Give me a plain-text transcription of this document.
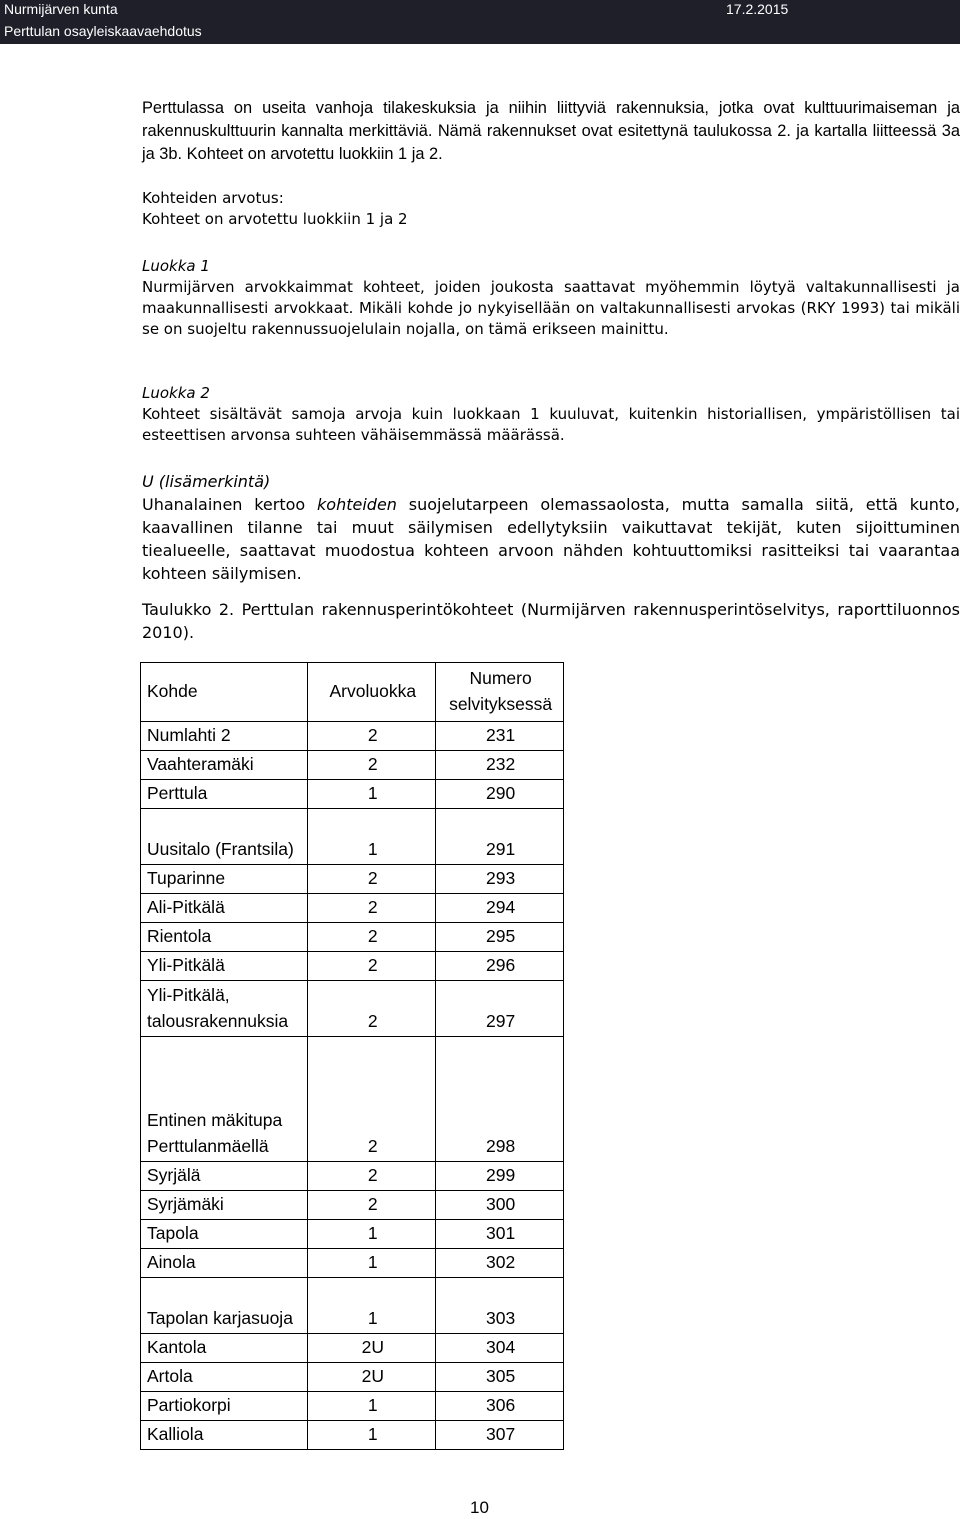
Nurmijärven kunta
Perttulan osayleiskaavaehdotus
17.2.2015
Perttulassa on useita vanhoja tilakeskuksia ja niihin liittyviä rakennuksia, jotka ovat kulttuurimaiseman ja rakennuskulttuurin kannalta merkittäviä. Nämä rakennukset ovat esitettynä taulukossa 2. ja kartalla liitteessä 3a ja 3b. Kohteet on arvotettu luokkiin 1 ja 2.
Kohteiden arvotus:
Kohteet on arvotettu luokkiin 1 ja 2
Luokka 1
Nurmijärven arvokkaimmat kohteet, joiden joukosta saattavat myöhemmin löytyä valtakunnallisesti ja maakunnallisesti arvokkaat. Mikäli kohde jo nykyisellään on valtakunnallisesti arvokas (RKY 1993) tai mikäli se on suojeltu rakennussuojelulain nojalla, on tämä erikseen mainittu.
Luokka 2
Kohteet sisältävät samoja arvoja kuin luokkaan 1 kuuluvat, kuitenkin historiallisen, ympäristöllisen tai esteettisen arvonsa suhteen vähäisemmässä määrässä.
U (lisämerkintä)
Uhanalainen kertoo kohteiden suojelutarpeen olemassaolosta, mutta samalla siitä, että kunto, kaavallinen tilanne tai muut säilymisen edellytyksiin vaikuttavat tekijät, kuten sijoittuminen tiealueelle, saattavat muodostua kohteen arvoon nähden kohtuuttomiksi rasitteiksi tai vaarantaa kohteen säilymisen.
Taulukko 2. Perttulan rakennusperintökohteet (Nurmijärven rakennusperintöselvitys, raporttiluonnos 2010).
Kohde	Arvoluokka	Numero selvityksessä
Numlahti 2	2	231
Vaahteramäki	2	232
Perttula	1	290
Uusitalo (Frantsila)	1	291
Tuparinne	2	293
Ali-Pitkälä	2	294
Rientola	2	295
Yli-Pitkälä	2	296
Yli-Pitkälä, talousrakennuksia	2	297
Entinen mäkitupa Perttulanmäellä	2	298
Syrjälä	2	299
Syrjämäki	2	300
Tapola	1	301
Ainola	1	302
Tapolan karjasuoja	1	303
Kantola	2U	304
Artola	2U	305
Partiokorpi	1	306
Kalliola	1	307
10
